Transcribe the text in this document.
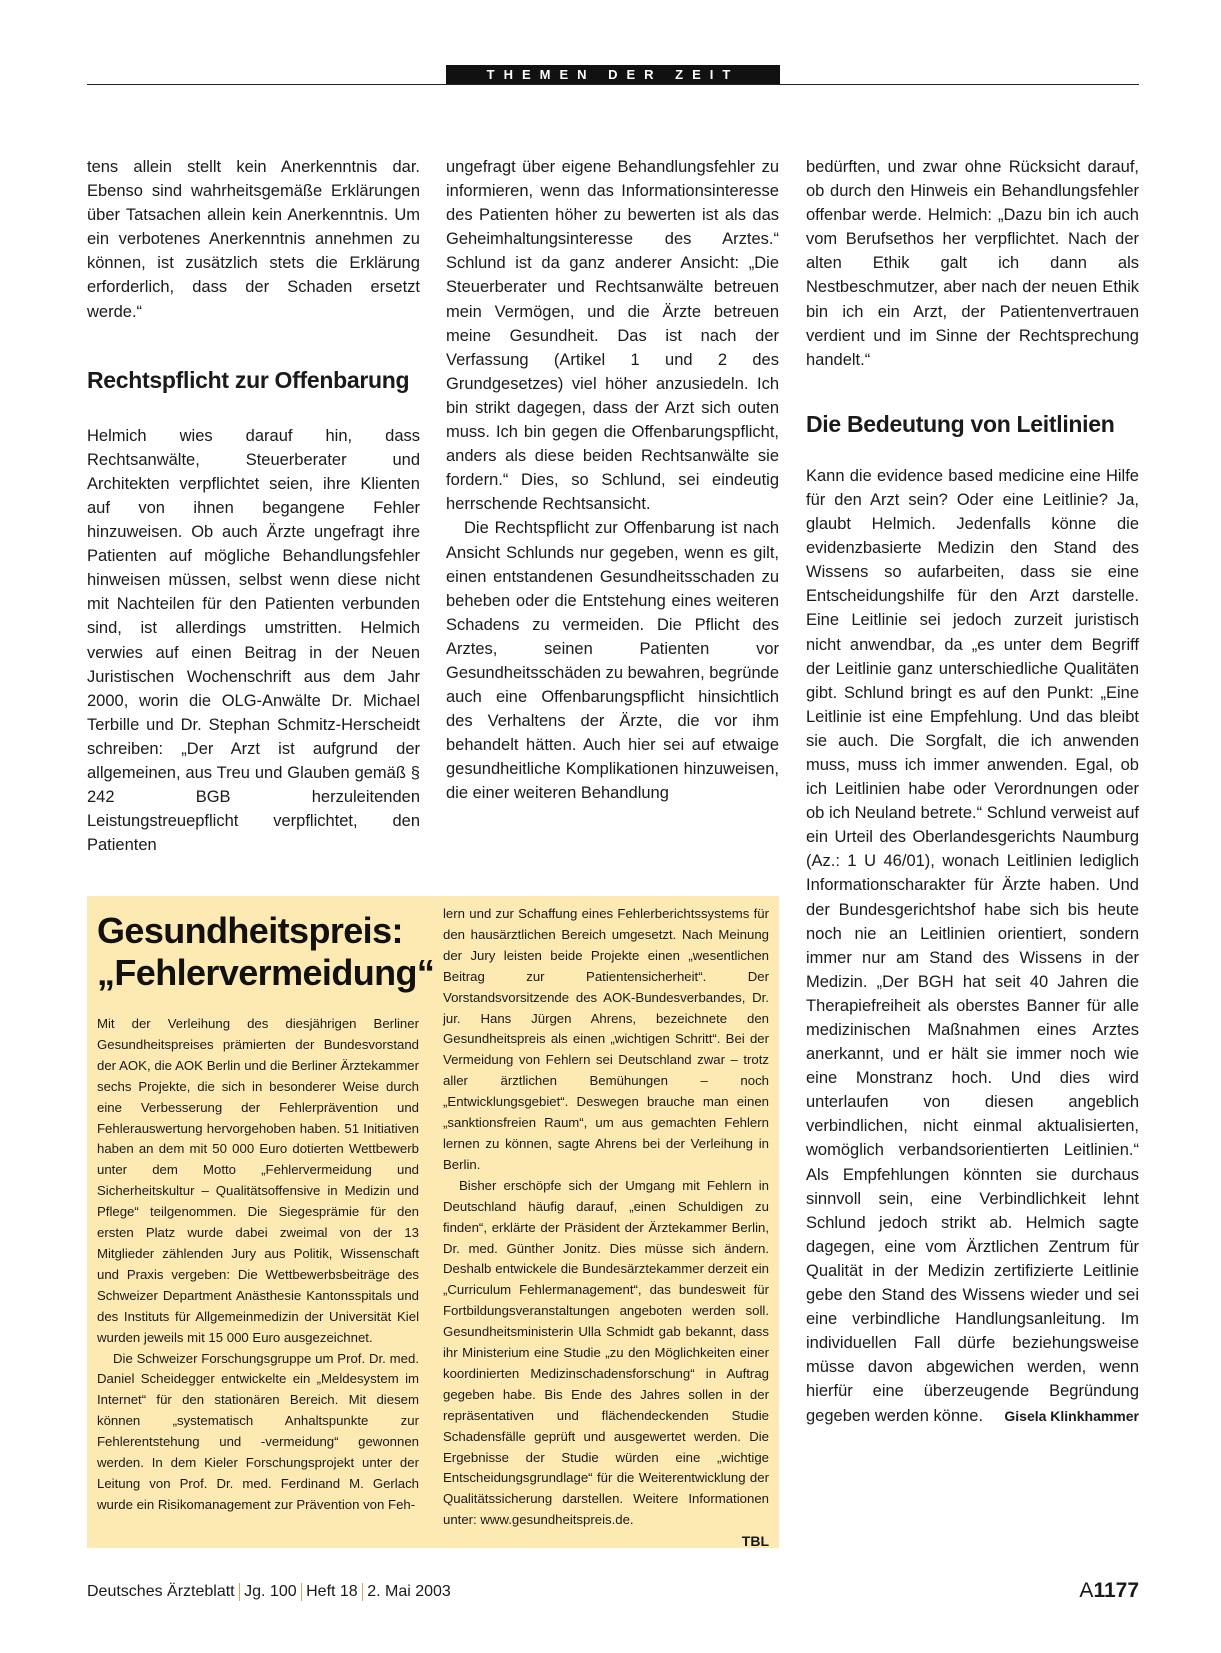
THEMEN DER ZEIT

tens allein stellt kein Anerkenntnis dar. Ebenso sind wahrheitsgemäße Erklärungen über Tatsachen allein kein Anerkenntnis. Um ein verbotenes Anerkenntnis annehmen zu können, ist zusätzlich stets die Erklärung erforderlich, dass der Schaden ersetzt werde.“

Rechtspflicht zur Offenbarung

Helmich wies darauf hin, dass Rechtsanwälte, Steuerberater und Architekten verpflichtet seien, ihre Klienten auf von ihnen begangene Fehler hinzuweisen. Ob auch Ärzte ungefragt ihre Patienten auf mögliche Behandlungsfehler hinweisen müssen, selbst wenn diese nicht mit Nachteilen für den Patienten verbunden sind, ist allerdings umstritten. Helmich verwies auf einen Beitrag in der Neuen Juristischen Wochenschrift aus dem Jahr 2000, worin die OLG-Anwälte Dr. Michael Terbille und Dr. Stephan Schmitz-Herscheidt schreiben: „Der Arzt ist aufgrund der allgemeinen, aus Treu und Glauben gemäß § 242 BGB herzuleitenden Leistungstreuepflicht verpflichtet, den Patienten

ungefragt über eigene Behandlungsfehler zu informieren, wenn das Informationsinteresse des Patienten höher zu bewerten ist als das Geheimhaltungsinteresse des Arztes.“ Schlund ist da ganz anderer Ansicht: „Die Steuerberater und Rechtsanwälte betreuen mein Vermögen, und die Ärzte betreuen meine Gesundheit. Das ist nach der Verfassung (Artikel 1 und 2 des Grundgesetzes) viel höher anzusiedeln. Ich bin strikt dagegen, dass der Arzt sich outen muss. Ich bin gegen die Offenbarungspflicht, anders als diese beiden Rechtsanwälte sie fordern.“ Dies, so Schlund, sei eindeutig herrschende Rechtsansicht.

Die Rechtspflicht zur Offenbarung ist nach Ansicht Schlunds nur gegeben, wenn es gilt, einen entstandenen Gesundheitsschaden zu beheben oder die Entstehung eines weiteren Schadens zu vermeiden. Die Pflicht des Arztes, seinen Patienten vor Gesundheitsschäden zu bewahren, begründe auch eine Offenbarungspflicht hinsichtlich des Verhaltens der Ärzte, die vor ihm behandelt hätten. Auch hier sei auf etwaige gesundheitliche Komplikationen hinzuweisen, die einer weiteren Behandlung

bedürften, und zwar ohne Rücksicht darauf, ob durch den Hinweis ein Behandlungsfehler offenbar werde. Helmich: „Dazu bin ich auch vom Berufsethos her verpflichtet. Nach der alten Ethik galt ich dann als Nestbeschmutzer, aber nach der neuen Ethik bin ich ein Arzt, der Patientenvertrauen verdient und im Sinne der Rechtsprechung handelt.“

Die Bedeutung von Leitlinien

Kann die evidence based medicine eine Hilfe für den Arzt sein? Oder eine Leitlinie? Ja, glaubt Helmich. Jedenfalls könne die evidenzbasierte Medizin den Stand des Wissens so aufarbeiten, dass sie eine Entscheidungshilfe für den Arzt darstelle. Eine Leitlinie sei jedoch zurzeit juristisch nicht anwendbar, da „es unter dem Begriff der Leitlinie ganz unterschiedliche Qualitäten gibt. Schlund bringt es auf den Punkt: „Eine Leitlinie ist eine Empfehlung. Und das bleibt sie auch. Die Sorgfalt, die ich anwenden muss, muss ich immer anwenden. Egal, ob ich Leitlinien habe oder Verordnungen oder ob ich Neuland betrete.“ Schlund verweist auf ein Urteil des Oberlandesgerichts Naumburg (Az.: 1 U 46/01), wonach Leitlinien lediglich Informationscharakter für Ärzte haben. Und der Bundesgerichtshof habe sich bis heute noch nie an Leitlinien orientiert, sondern immer nur am Stand des Wissens in der Medizin. „Der BGH hat seit 40 Jahren die Therapiefreiheit als oberstes Banner für alle medizinischen Maßnahmen eines Arztes anerkannt, und er hält sie immer noch wie eine Monstranz hoch. Und dies wird unterlaufen von diesen angeblich verbindlichen, nicht einmal aktualisierten, womöglich verbandsorientierten Leitlinien.“ Als Empfehlungen könnten sie durchaus sinnvoll sein, eine Verbindlichkeit lehnt Schlund jedoch strikt ab. Helmich sagte dagegen, eine vom Ärztlichen Zentrum für Qualität in der Medizin zertifizierte Leitlinie gebe den Stand des Wissens wieder und sei eine verbindliche Handlungsanleitung. Im individuellen Fall dürfe beziehungsweise müsse davon abgewichen werden, wenn hierfür eine überzeugende Begründung gegeben werden könne. Gisela Klinkhammer

Gesundheitspreis:
„Fehlervermeidung“

Mit der Verleihung des diesjährigen Berliner Gesundheitspreises prämierten der Bundesvorstand der AOK, die AOK Berlin und die Berliner Ärztekammer sechs Projekte, die sich in besonderer Weise durch eine Verbesserung der Fehlerprävention und Fehlerauswertung hervorgehoben haben. 51 Initiativen haben an dem mit 50 000 Euro dotierten Wettbewerb unter dem Motto „Fehlervermeidung und Sicherheitskultur – Qualitätsoffensive in Medizin und Pflege“ teilgenommen. Die Siegesprämie für den ersten Platz wurde dabei zweimal von der 13 Mitglieder zählenden Jury aus Politik, Wissenschaft und Praxis vergeben: Die Wettbewerbsbeiträge des Schweizer Department Anästhesie Kantonsspitals und des Instituts für Allgemeinmedizin der Universität Kiel wurden jeweils mit 15 000 Euro ausgezeichnet.

Die Schweizer Forschungsgruppe um Prof. Dr. med. Daniel Scheidegger entwickelte ein „Meldesystem im Internet“ für den stationären Bereich. Mit diesem können „systematisch Anhaltspunkte zur Fehlerentstehung und -vermeidung“ gewonnen werden. In dem Kieler Forschungsprojekt unter der Leitung von Prof. Dr. med. Ferdinand M. Gerlach wurde ein Risikomanagement zur Prävention von Feh-

lern und zur Schaffung eines Fehlerberichtssystems für den hausärztlichen Bereich umgesetzt. Nach Meinung der Jury leisten beide Projekte einen „wesentlichen Beitrag zur Patientensicherheit“. Der Vorstandsvorsitzende des AOK-Bundesverbandes, Dr. jur. Hans Jürgen Ahrens, bezeichnete den Gesundheitspreis als einen „wichtigen Schritt“. Bei der Vermeidung von Fehlern sei Deutschland zwar – trotz aller ärztlichen Bemühungen – noch „Entwicklungsgebiet“. Deswegen brauche man einen „sanktionsfreien Raum“, um aus gemachten Fehlern lernen zu können, sagte Ahrens bei der Verleihung in Berlin.

Bisher erschöpfe sich der Umgang mit Fehlern in Deutschland häufig darauf, „einen Schuldigen zu finden“, erklärte der Präsident der Ärztekammer Berlin, Dr. med. Günther Jonitz. Dies müsse sich ändern. Deshalb entwickele die Bundesärztekammer derzeit ein „Curriculum Fehlermanagement“, das bundesweit für Fortbildungsveranstaltungen angeboten werden soll. Gesundheitsministerin Ulla Schmidt gab bekannt, dass ihr Ministerium eine Studie „zu den Möglichkeiten einer koordinierten Medizinschadensforschung“ in Auftrag gegeben habe. Bis Ende des Jahres sollen in der repräsentativen und flächendeckenden Studie Schadensfälle geprüft und ausgewertet werden. Die Ergebnisse der Studie würden eine „wichtige Entscheidungsgrundlage“ für die Weiterentwicklung der Qualitätssicherung darstellen. Weitere Informationen unter: www.gesundheitspreis.de.

TBL
Deutsches Ärzteblatt Jg. 100 Heft 18 2. Mai 2003	A1177
